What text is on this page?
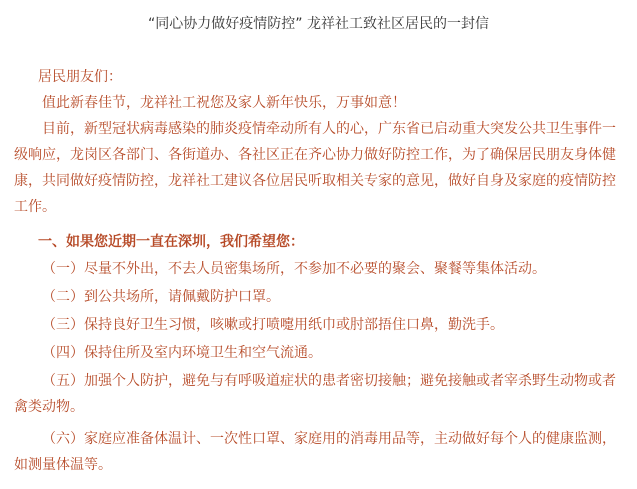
“同心协力做好疫情防控” 龙祥社工致社区居民的一封信
居民朋友们：
值此新春佳节，龙祥社工祝您及家人新年快乐，万事如意！
目前，新型冠状病毒感染的肺炎疫情牵动所有人的心，广东省已启动重大突发公共卫生事件一级响应，龙岗区各部门、各街道办、各社区正在齐心协力做好防控工作，为了确保居民朋友身体健康，共同做好疫情防控，龙祥社工建议各位居民听取相关专家的意见，做好自身及家庭的疫情防控工作。
一、如果您近期一直在深圳，我们希望您：
（一）尽量不外出，不去人员密集场所，不参加不必要的聚会、聚餐等集体活动。
（二）到公共场所，请佩戴防护口罩。
（三）保持良好卫生习惯，咳嗽或打喷嚏用纸巾或肘部捂住口鼻，勤洗手。
（四）保持住所及室内环境卫生和空气流通。
（五）加强个人防护，避免与有呼吸道症状的患者密切接触；避免接触或者宰杀野生动物或者禽类动物。
（六）家庭应准备体温计、一次性口罩、家庭用的消毒用品等，主动做好每个人的健康监测，如测量体温等。
